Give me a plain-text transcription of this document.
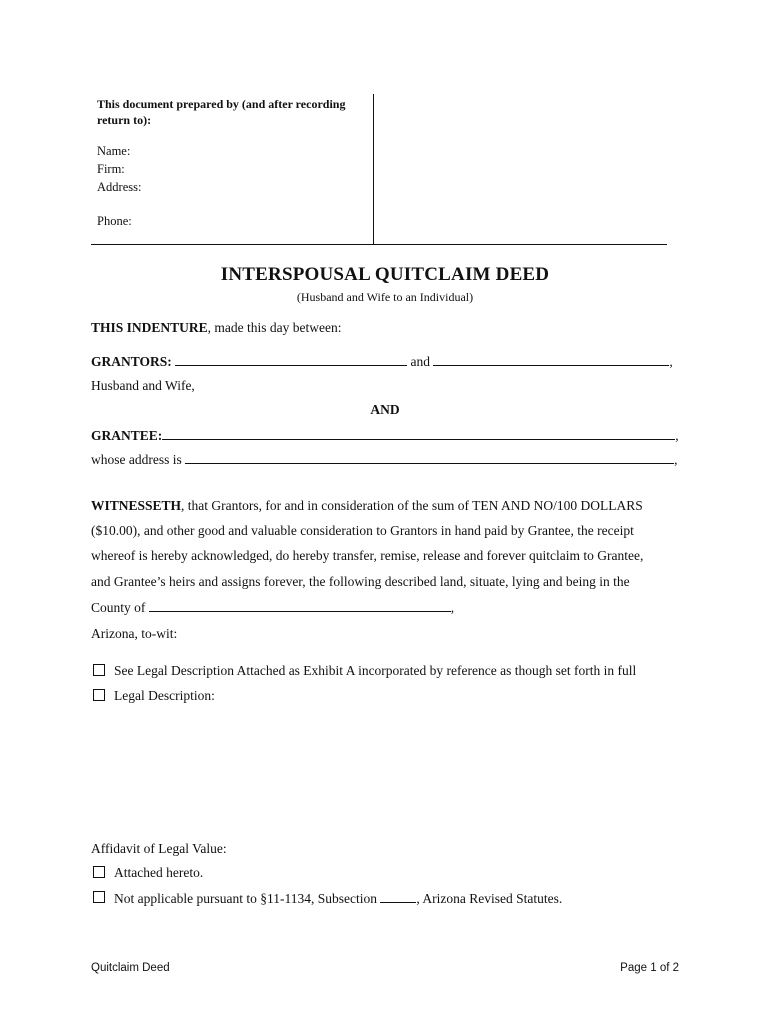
This document prepared by (and after recording return to):
Name:
Firm:
Address:
Phone:
INTERSPOUSAL QUITCLAIM DEED
(Husband and Wife to an Individual)
THIS INDENTURE, made this day between:
GRANTORS:	and	,
Husband and Wife,
AND
GRANTEE:	,
whose address is	,
WITNESSETH, that Grantors, for and in consideration of the sum of TEN AND NO/100 DOLLARS
($10.00), and other good and valuable consideration to Grantors in hand paid by Grantee, the receipt
whereof is hereby acknowledged, do hereby transfer, remise, release and forever quitclaim to Grantee,
and Grantee’s heirs and assigns forever, the following described land, situate, lying and being in the
County of	,
Arizona, to-wit:
See Legal Description Attached as Exhibit A incorporated by reference as though set forth in full
Legal Description:
Affidavit of Legal Value:
Attached hereto.
Not applicable pursuant to §11-1134, Subsection	, Arizona Revised Statutes.
Quitclaim Deed	Page 1 of 2
